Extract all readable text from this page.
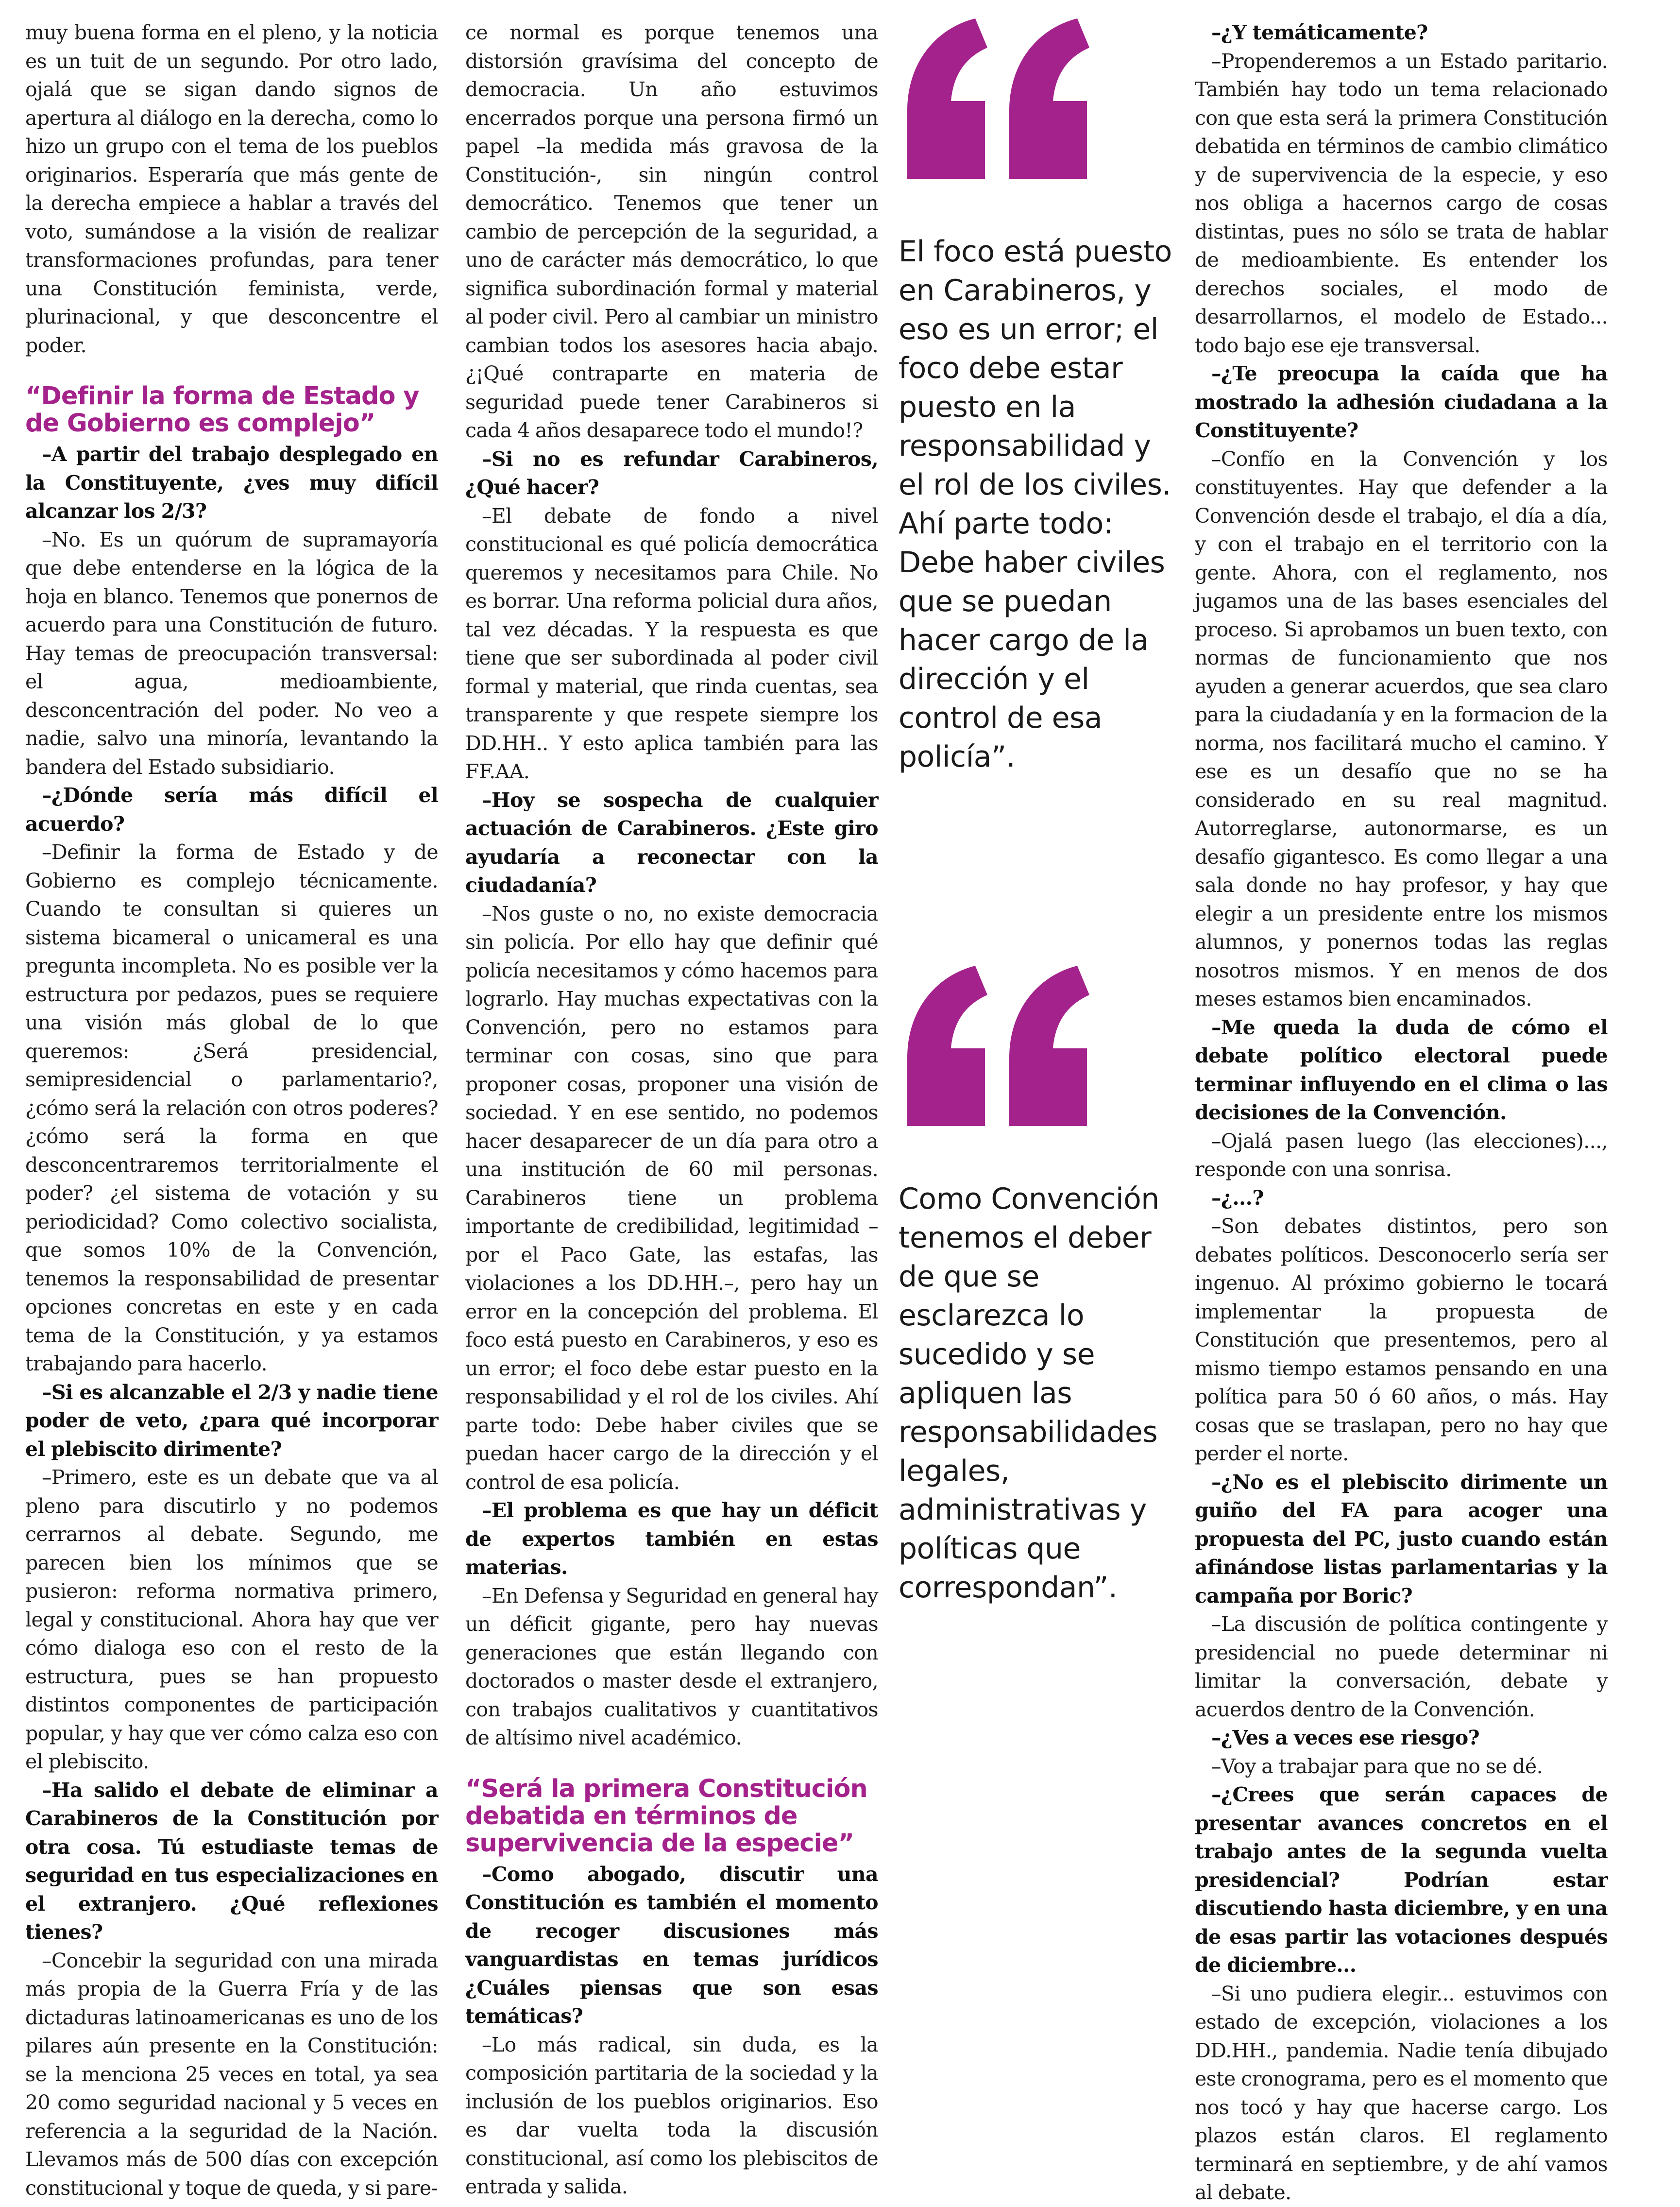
muy buena forma en el pleno, y la noticia es un tuit de un segundo. Por otro lado, ojalá que se sigan dando signos de apertura al diálogo en la derecha, como lo hizo un grupo con el tema de los pueblos originarios. Esperaría que más gente de la derecha empiece a hablar a través del voto, sumándose a la visión de realizar transformaciones profundas, para tener una Constitución feminista, verde, plurinacional, y que desconcentre el poder.

“Definir la forma de Estado y de Gobierno es complejo”

–A partir del trabajo desplegado en la Constituyente, ¿ves muy difícil alcanzar los 2/3?

–No. Es un quórum de supramayoría que debe entenderse en la lógica de la hoja en blanco. Tenemos que ponernos de acuerdo para una Constitución de futuro. Hay temas de preocupación transversal: el agua, medioambiente, desconcentración del poder. No veo a nadie, salvo una minoría, levantando la bandera del Estado subsidiario.

–¿Dónde sería más difícil el acuerdo?

–Definir la forma de Estado y de Gobierno es complejo técnicamente. Cuando te consultan si quieres un sistema bicameral o unicameral es una pregunta incompleta. No es posible ver la estructura por pedazos, pues se requiere una visión más global de lo que queremos: ¿Será presidencial, semipresidencial o parlamentario?, ¿cómo será la relación con otros poderes? ¿cómo será la forma en que desconcentraremos territorialmente el poder? ¿el sistema de votación y su periodicidad? Como colectivo socialista, que somos 10% de la Convención, tenemos la responsabilidad de presentar opciones concretas en este y en cada tema de la Constitución, y ya estamos trabajando para hacerlo.

–Si es alcanzable el 2/3 y nadie tiene poder de veto, ¿para qué incorporar el plebiscito dirimente?

–Primero, este es un debate que va al pleno para discutirlo y no podemos cerrarnos al debate. Segundo, me parecen bien los mínimos que se pusieron: reforma normativa primero, legal y constitucional. Ahora hay que ver cómo dialoga eso con el resto de la estructura, pues se han propuesto distintos componentes de participación popular, y hay que ver cómo calza eso con el plebiscito.

–Ha salido el debate de eliminar a Carabineros de la Constitución por otra cosa. Tú estudiaste temas de seguridad en tus especializaciones en el extranjero. ¿Qué reflexiones tienes?

–Concebir la seguridad con una mirada más propia de la Guerra Fría y de las dictaduras latinoamericanas es uno de los pilares aún presente en la Constitución: se la menciona 25 veces en total, ya sea 20 como seguridad nacional y 5 veces en referencia a la seguridad de la Nación. Llevamos más de 500 días con excepción constitucional y toque de queda, y si pare-

ce normal es porque tenemos una distorsión gravísima del concepto de democracia. Un año estuvimos encerrados porque una persona firmó un papel –la medida más gravosa de la Constitución-, sin ningún control democrático. Tenemos que tener un cambio de percepción de la seguridad, a uno de carácter más democrático, lo que significa subordinación formal y material al poder civil. Pero al cambiar un ministro cambian todos los asesores hacia abajo. ¿¡Qué contraparte en materia de seguridad puede tener Carabineros si cada 4 años desaparece todo el mundo!?

–Si no es refundar Carabineros, ¿Qué hacer?

–El debate de fondo a nivel constitucional es qué policía democrática queremos y necesitamos para Chile. No es borrar. Una reforma policial dura años, tal vez décadas. Y la respuesta es que tiene que ser subordinada al poder civil formal y material, que rinda cuentas, sea transparente y que respete siempre los DD.HH.. Y esto aplica también para las FF.AA.

–Hoy se sospecha de cualquier actuación de Carabineros. ¿Este giro ayudaría a reconectar con la ciudadanía?

–Nos guste o no, no existe democracia sin policía. Por ello hay que definir qué policía necesitamos y cómo hacemos para lograrlo. Hay muchas expectativas con la Convención, pero no estamos para terminar con cosas, sino que para proponer cosas, proponer una visión de sociedad. Y en ese sentido, no podemos hacer desaparecer de un día para otro a una institución de 60 mil personas. Carabineros tiene un problema importante de credibilidad, legitimidad –por el Paco Gate, las estafas, las violaciones a los DD.HH.–, pero hay un error en la concepción del problema. El foco está puesto en Carabineros, y eso es un error; el foco debe estar puesto en la responsabilidad y el rol de los civiles. Ahí parte todo: Debe haber civiles que se puedan hacer cargo de la dirección y el control de esa policía.

–El problema es que hay un déficit de expertos también en estas materias.

–En Defensa y Seguridad en general hay un déficit gigante, pero hay nuevas generaciones que están llegando con doctorados o master desde el extranjero, con trabajos cualitativos y cuantitativos de altísimo nivel académico.

“Será la primera Constitución debatida en términos de supervivencia de la especie”

–Como abogado, discutir una Constitución es también el momento de recoger discusiones más vanguardistas en temas jurídicos ¿Cuáles piensas que son esas temáticas?

–Lo más radical, sin duda, es la composición partitaria de la sociedad y la inclusión de los pueblos originarios. Eso es dar vuelta toda la discusión constitucional, así como los plebiscitos de entrada y salida.

El foco está puesto en Carabineros, y eso es un error; el foco debe estar puesto en la responsabilidad y el rol de los civiles. Ahí parte todo: Debe haber civiles que se puedan hacer cargo de la dirección y el control de esa policía”.

Como Convención tenemos el deber de que se esclarezca lo sucedido y se apliquen las responsabilidades legales, administrativas y políticas que correspondan”.

–¿Y temáticamente?

–Propenderemos a un Estado paritario. También hay todo un tema relacionado con que esta será la primera Constitución debatida en términos de cambio climático y de supervivencia de la especie, y eso nos obliga a hacernos cargo de cosas distintas, pues no sólo se trata de hablar de medioambiente. Es entender los derechos sociales, el modo de desarrollarnos, el modelo de Estado... todo bajo ese eje transversal.

–¿Te preocupa la caída que ha mostrado la adhesión ciudadana a la Constituyente?

–Confío en la Convención y los constituyentes. Hay que defender a la Convención desde el trabajo, el día a día, y con el trabajo en el territorio con la gente. Ahora, con el reglamento, nos jugamos una de las bases esenciales del proceso. Si aprobamos un buen texto, con normas de funcionamiento que nos ayuden a generar acuerdos, que sea claro para la ciudadanía y en la formacion de la norma, nos facilitará mucho el camino. Y ese es un desafío que no se ha considerado en su real magnitud. Autorreglarse, autonormarse, es un desafío gigantesco. Es como llegar a una sala donde no hay profesor, y hay que elegir a un presidente entre los mismos alumnos, y ponernos todas las reglas nosotros mismos. Y en menos de dos meses estamos bien encaminados.

–Me queda la duda de cómo el debate político electoral puede terminar influyendo en el clima o las decisiones de la Convención.

–Ojalá pasen luego (las elecciones)..., responde con una sonrisa.

–¿...?

–Son debates distintos, pero son debates políticos. Desconocerlo sería ser ingenuo. Al próximo gobierno le tocará implementar la propuesta de Constitución que presentemos, pero al mismo tiempo estamos pensando en una política para 50 ó 60 años, o más. Hay cosas que se traslapan, pero no hay que perder el norte.

–¿No es el plebiscito dirimente un guiño del FA para acoger una propuesta del PC, justo cuando están afinándose listas parlamentarias y la campaña por Boric?

–La discusión de política contingente y presidencial no puede determinar ni limitar la conversación, debate y acuerdos dentro de la Convención.

–¿Ves a veces ese riesgo?

–Voy a trabajar para que no se dé.

–¿Crees que serán capaces de presentar avances concretos en el trabajo antes de la segunda vuelta presidencial? Podrían estar discutiendo hasta diciembre, y en una de esas partir las votaciones después de diciembre...

–Si uno pudiera elegir... estuvimos con estado de excepción, violaciones a los DD.HH., pandemia. Nadie tenía dibujado este cronograma, pero es el momento que nos tocó y hay que hacerse cargo. Los plazos están claros. El reglamento terminará en septiembre, y de ahí vamos al debate.
